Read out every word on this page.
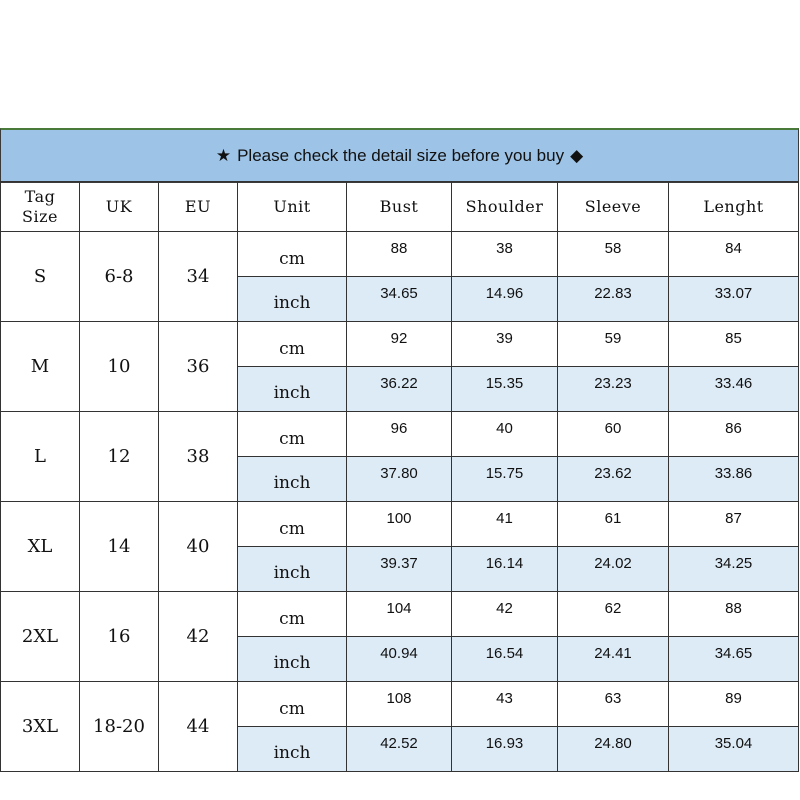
★ Please check the detail size before you buy ◆
Tag
Size	UK	EU	Unit	Bust	Shoulder	Sleeve	Lenght
S	6-8	34	cm	88	38	58	84
			inch	34.65	14.96	22.83	33.07
M	10	36	cm	92	39	59	85
			inch	36.22	15.35	23.23	33.46
L	12	38	cm	96	40	60	86
			inch	37.80	15.75	23.62	33.86
XL	14	40	cm	100	41	61	87
			inch	39.37	16.14	24.02	34.25
2XL	16	42	cm	104	42	62	88
			inch	40.94	16.54	24.41	34.65
3XL	18-20	44	cm	108	43	63	89
			inch	42.52	16.93	24.80	35.04
